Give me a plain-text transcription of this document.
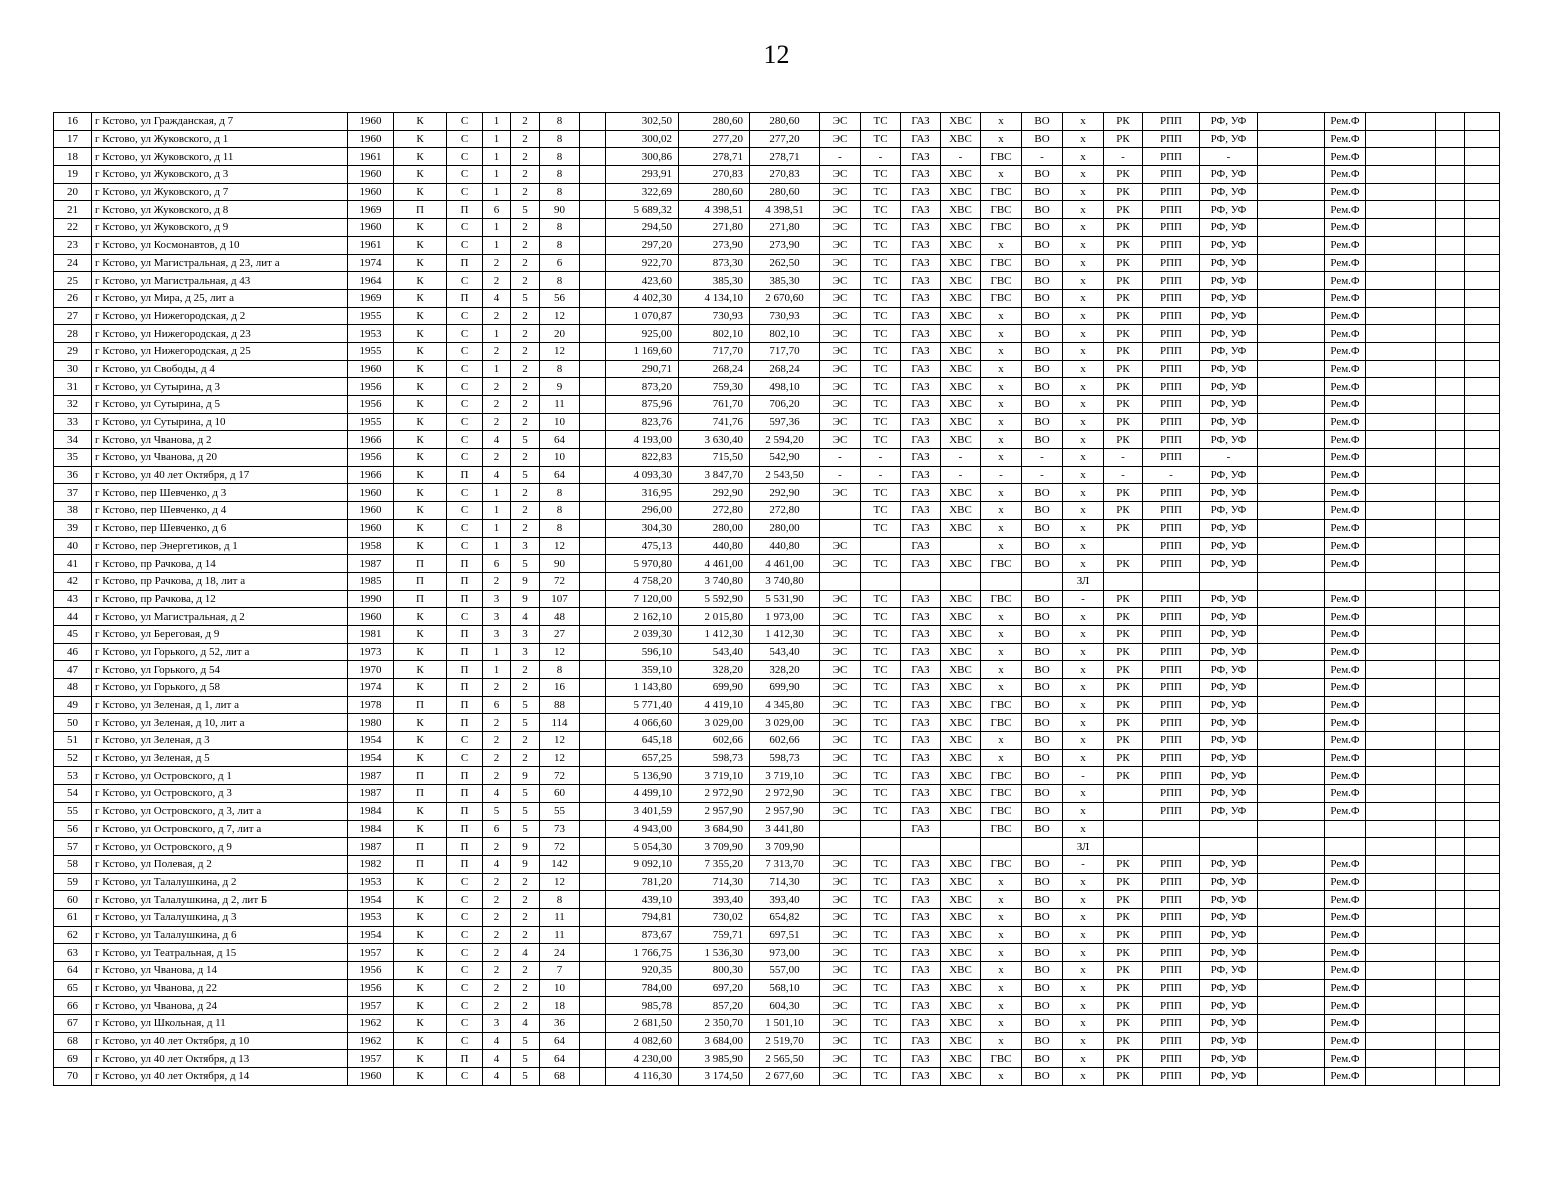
12
16	г Кстово, ул Гражданская, д 7	1960	К	С	1	2	8		302,50	280,60	280,60	ЭС	ТС	ГАЗ	ХВС	х	ВО	х	РК	РПП	РФ, УФ		Рем.Ф			
17	г Кстово, ул Жуковского, д 1	1960	К	С	1	2	8		300,02	277,20	277,20	ЭС	ТС	ГАЗ	ХВС	х	ВО	х	РК	РПП	РФ, УФ		Рем.Ф			
18	г Кстово, ул Жуковского, д 11	1961	К	С	1	2	8		300,86	278,71	278,71	-	-	ГАЗ	-	ГВС	-	х	-	РПП	-		Рем.Ф			
19	г Кстово, ул Жуковского, д 3	1960	К	С	1	2	8		293,91	270,83	270,83	ЭС	ТС	ГАЗ	ХВС	х	ВО	х	РК	РПП	РФ, УФ		Рем.Ф			
20	г Кстово, ул Жуковского, д 7	1960	К	С	1	2	8		322,69	280,60	280,60	ЭС	ТС	ГАЗ	ХВС	ГВС	ВО	х	РК	РПП	РФ, УФ		Рем.Ф			
21	г Кстово, ул Жуковского, д 8	1969	П	П	6	5	90		5 689,32	4 398,51	4 398,51	ЭС	ТС	ГАЗ	ХВС	ГВС	ВО	х	РК	РПП	РФ, УФ		Рем.Ф			
22	г Кстово, ул Жуковского, д 9	1960	К	С	1	2	8		294,50	271,80	271,80	ЭС	ТС	ГАЗ	ХВС	ГВС	ВО	х	РК	РПП	РФ, УФ		Рем.Ф			
23	г Кстово, ул Космонавтов, д 10	1961	К	С	1	2	8		297,20	273,90	273,90	ЭС	ТС	ГАЗ	ХВС	х	ВО	х	РК	РПП	РФ, УФ		Рем.Ф			
24	г Кстово, ул Магистральная, д 23, лит а	1974	К	П	2	2	6		922,70	873,30	262,50	ЭС	ТС	ГАЗ	ХВС	ГВС	ВО	х	РК	РПП	РФ, УФ		Рем.Ф			
25	г Кстово, ул Магистральная, д 43	1964	К	С	2	2	8		423,60	385,30	385,30	ЭС	ТС	ГАЗ	ХВС	ГВС	ВО	х	РК	РПП	РФ, УФ		Рем.Ф			
26	г Кстово, ул Мира, д 25, лит а	1969	К	П	4	5	56		4 402,30	4 134,10	2 670,60	ЭС	ТС	ГАЗ	ХВС	ГВС	ВО	х	РК	РПП	РФ, УФ		Рем.Ф			
27	г Кстово, ул Нижегородская, д 2	1955	К	С	2	2	12		1 070,87	730,93	730,93	ЭС	ТС	ГАЗ	ХВС	х	ВО	х	РК	РПП	РФ, УФ		Рем.Ф			
28	г Кстово, ул Нижегородская, д 23	1953	К	С	1	2	20		925,00	802,10	802,10	ЭС	ТС	ГАЗ	ХВС	х	ВО	х	РК	РПП	РФ, УФ		Рем.Ф			
29	г Кстово, ул Нижегородская, д 25	1955	К	С	2	2	12		1 169,60	717,70	717,70	ЭС	ТС	ГАЗ	ХВС	х	ВО	х	РК	РПП	РФ, УФ		Рем.Ф			
30	г Кстово, ул Свободы, д 4	1960	К	С	1	2	8		290,71	268,24	268,24	ЭС	ТС	ГАЗ	ХВС	х	ВО	х	РК	РПП	РФ, УФ		Рем.Ф			
31	г Кстово, ул Сутырина, д 3	1956	К	С	2	2	9		873,20	759,30	498,10	ЭС	ТС	ГАЗ	ХВС	х	ВО	х	РК	РПП	РФ, УФ		Рем.Ф			
32	г Кстово, ул Сутырина, д 5	1956	К	С	2	2	11		875,96	761,70	706,20	ЭС	ТС	ГАЗ	ХВС	х	ВО	х	РК	РПП	РФ, УФ		Рем.Ф			
33	г Кстово, ул Сутырина, д 10	1955	К	С	2	2	10		823,76	741,76	597,36	ЭС	ТС	ГАЗ	ХВС	х	ВО	х	РК	РПП	РФ, УФ		Рем.Ф			
34	г Кстово, ул Чванова, д 2	1966	К	С	4	5	64		4 193,00	3 630,40	2 594,20	ЭС	ТС	ГАЗ	ХВС	х	ВО	х	РК	РПП	РФ, УФ		Рем.Ф			
35	г Кстово, ул Чванова, д 20	1956	К	С	2	2	10		822,83	715,50	542,90	-	-	ГАЗ	-	х	-	х	-	РПП	-		Рем.Ф			
36	г Кстово, ул 40 лет Октября, д 17	1966	К	П	4	5	64		4 093,30	3 847,70	2 543,50	-	-	ГАЗ	-	-	-	х	-	-	РФ, УФ		Рем.Ф			
37	г Кстово, пер Шевченко, д 3	1960	К	С	1	2	8		316,95	292,90	292,90	ЭС	ТС	ГАЗ	ХВС	х	ВО	х	РК	РПП	РФ, УФ		Рем.Ф			
38	г Кстово, пер Шевченко, д 4	1960	К	С	1	2	8		296,00	272,80	272,80		ТС	ГАЗ	ХВС	х	ВО	х	РК	РПП	РФ, УФ		Рем.Ф			
39	г Кстово, пер Шевченко, д 6	1960	К	С	1	2	8		304,30	280,00	280,00		ТС	ГАЗ	ХВС	х	ВО	х	РК	РПП	РФ, УФ		Рем.Ф			
40	г Кстово, пер Энергетиков, д 1	1958	К	С	1	3	12		475,13	440,80	440,80	ЭС		ГАЗ		х	ВО	х		РПП	РФ, УФ		Рем.Ф			
41	г Кстово, пр Рачкова, д 14	1987	П	П	6	5	90		5 970,80	4 461,00	4 461,00	ЭС	ТС	ГАЗ	ХВС	ГВС	ВО	х	РК	РПП	РФ, УФ		Рем.Ф			
42	г Кстово, пр Рачкова, д 18, лит а	1985	П	П	2	9	72		4 758,20	3 740,80	3 740,80							ЗЛ								
43	г Кстово, пр Рачкова, д 12	1990	П	П	3	9	107		7 120,00	5 592,90	5 531,90	ЭС	ТС	ГАЗ	ХВС	ГВС	ВО	-	РК	РПП	РФ, УФ		Рем.Ф			
44	г Кстово, ул Магистральная, д 2	1960	К	С	3	4	48		2 162,10	2 015,80	1 973,00	ЭС	ТС	ГАЗ	ХВС	х	ВО	х	РК	РПП	РФ, УФ		Рем.Ф			
45	г Кстово, ул Береговая, д 9	1981	К	П	3	3	27		2 039,30	1 412,30	1 412,30	ЭС	ТС	ГАЗ	ХВС	х	ВО	х	РК	РПП	РФ, УФ		Рем.Ф			
46	г Кстово, ул Горького, д 52, лит а	1973	К	П	1	3	12		596,10	543,40	543,40	ЭС	ТС	ГАЗ	ХВС	х	ВО	х	РК	РПП	РФ, УФ		Рем.Ф			
47	г Кстово, ул Горького, д 54	1970	К	П	1	2	8		359,10	328,20	328,20	ЭС	ТС	ГАЗ	ХВС	х	ВО	х	РК	РПП	РФ, УФ		Рем.Ф			
48	г Кстово, ул Горького, д 58	1974	К	П	2	2	16		1 143,80	699,90	699,90	ЭС	ТС	ГАЗ	ХВС	х	ВО	х	РК	РПП	РФ, УФ		Рем.Ф			
49	г Кстово, ул Зеленая, д 1, лит а	1978	П	П	6	5	88		5 771,40	4 419,10	4 345,80	ЭС	ТС	ГАЗ	ХВС	ГВС	ВО	х	РК	РПП	РФ, УФ		Рем.Ф			
50	г Кстово, ул Зеленая, д 10, лит а	1980	К	П	2	5	114		4 066,60	3 029,00	3 029,00	ЭС	ТС	ГАЗ	ХВС	ГВС	ВО	х	РК	РПП	РФ, УФ		Рем.Ф			
51	г Кстово, ул Зеленая, д 3	1954	К	С	2	2	12		645,18	602,66	602,66	ЭС	ТС	ГАЗ	ХВС	х	ВО	х	РК	РПП	РФ, УФ		Рем.Ф			
52	г Кстово, ул Зеленая, д 5	1954	К	С	2	2	12		657,25	598,73	598,73	ЭС	ТС	ГАЗ	ХВС	х	ВО	х	РК	РПП	РФ, УФ		Рем.Ф			
53	г Кстово, ул Островского, д 1	1987	П	П	2	9	72		5 136,90	3 719,10	3 719,10	ЭС	ТС	ГАЗ	ХВС	ГВС	ВО	-	РК	РПП	РФ, УФ		Рем.Ф			
54	г Кстово, ул Островского, д 3	1987	П	П	4	5	60		4 499,10	2 972,90	2 972,90	ЭС	ТС	ГАЗ	ХВС	ГВС	ВО	х		РПП	РФ, УФ		Рем.Ф			
55	г Кстово, ул Островского, д 3, лит а	1984	К	П	5	5	55		3 401,59	2 957,90	2 957,90	ЭС	ТС	ГАЗ	ХВС	ГВС	ВО	х		РПП	РФ, УФ		Рем.Ф			
56	г Кстово, ул Островского, д 7, лит а	1984	К	П	6	5	73		4 943,00	3 684,90	3 441,80			ГАЗ		ГВС	ВО	х								
57	г Кстово, ул Островского, д 9	1987	П	П	2	9	72		5 054,30	3 709,90	3 709,90							ЗЛ								
58	г Кстово, ул Полевая, д 2	1982	П	П	4	9	142		9 092,10	7 355,20	7 313,70	ЭС	ТС	ГАЗ	ХВС	ГВС	ВО	-	РК	РПП	РФ, УФ		Рем.Ф			
59	г Кстово, ул Талалушкина, д 2	1953	К	С	2	2	12		781,20	714,30	714,30	ЭС	ТС	ГАЗ	ХВС	х	ВО	х	РК	РПП	РФ, УФ		Рем.Ф			
60	г Кстово, ул Талалушкина, д 2, лит Б	1954	К	С	2	2	8		439,10	393,40	393,40	ЭС	ТС	ГАЗ	ХВС	х	ВО	х	РК	РПП	РФ, УФ		Рем.Ф			
61	г Кстово, ул Талалушкина, д 3	1953	К	С	2	2	11		794,81	730,02	654,82	ЭС	ТС	ГАЗ	ХВС	х	ВО	х	РК	РПП	РФ, УФ		Рем.Ф			
62	г Кстово, ул Талалушкина, д 6	1954	К	С	2	2	11		873,67	759,71	697,51	ЭС	ТС	ГАЗ	ХВС	х	ВО	х	РК	РПП	РФ, УФ		Рем.Ф			
63	г Кстово, ул Театральная, д 15	1957	К	С	2	4	24		1 766,75	1 536,30	973,00	ЭС	ТС	ГАЗ	ХВС	х	ВО	х	РК	РПП	РФ, УФ		Рем.Ф			
64	г Кстово, ул Чванова, д 14	1956	К	С	2	2	7		920,35	800,30	557,00	ЭС	ТС	ГАЗ	ХВС	х	ВО	х	РК	РПП	РФ, УФ		Рем.Ф			
65	г Кстово, ул Чванова, д 22	1956	К	С	2	2	10		784,00	697,20	568,10	ЭС	ТС	ГАЗ	ХВС	х	ВО	х	РК	РПП	РФ, УФ		Рем.Ф			
66	г Кстово, ул Чванова, д 24	1957	К	С	2	2	18		985,78	857,20	604,30	ЭС	ТС	ГАЗ	ХВС	х	ВО	х	РК	РПП	РФ, УФ		Рем.Ф			
67	г Кстово, ул Школьная, д 11	1962	К	С	3	4	36		2 681,50	2 350,70	1 501,10	ЭС	ТС	ГАЗ	ХВС	х	ВО	х	РК	РПП	РФ, УФ		Рем.Ф			
68	г Кстово, ул 40 лет Октября, д 10	1962	К	С	4	5	64		4 082,60	3 684,00	2 519,70	ЭС	ТС	ГАЗ	ХВС	х	ВО	х	РК	РПП	РФ, УФ		Рем.Ф			
69	г Кстово, ул 40 лет Октября, д 13	1957	К	П	4	5	64		4 230,00	3 985,90	2 565,50	ЭС	ТС	ГАЗ	ХВС	ГВС	ВО	х	РК	РПП	РФ, УФ		Рем.Ф			
70	г Кстово, ул 40 лет Октября, д 14	1960	К	С	4	5	68		4 116,30	3 174,50	2 677,60	ЭС	ТС	ГАЗ	ХВС	х	ВО	х	РК	РПП	РФ, УФ		Рем.Ф			
